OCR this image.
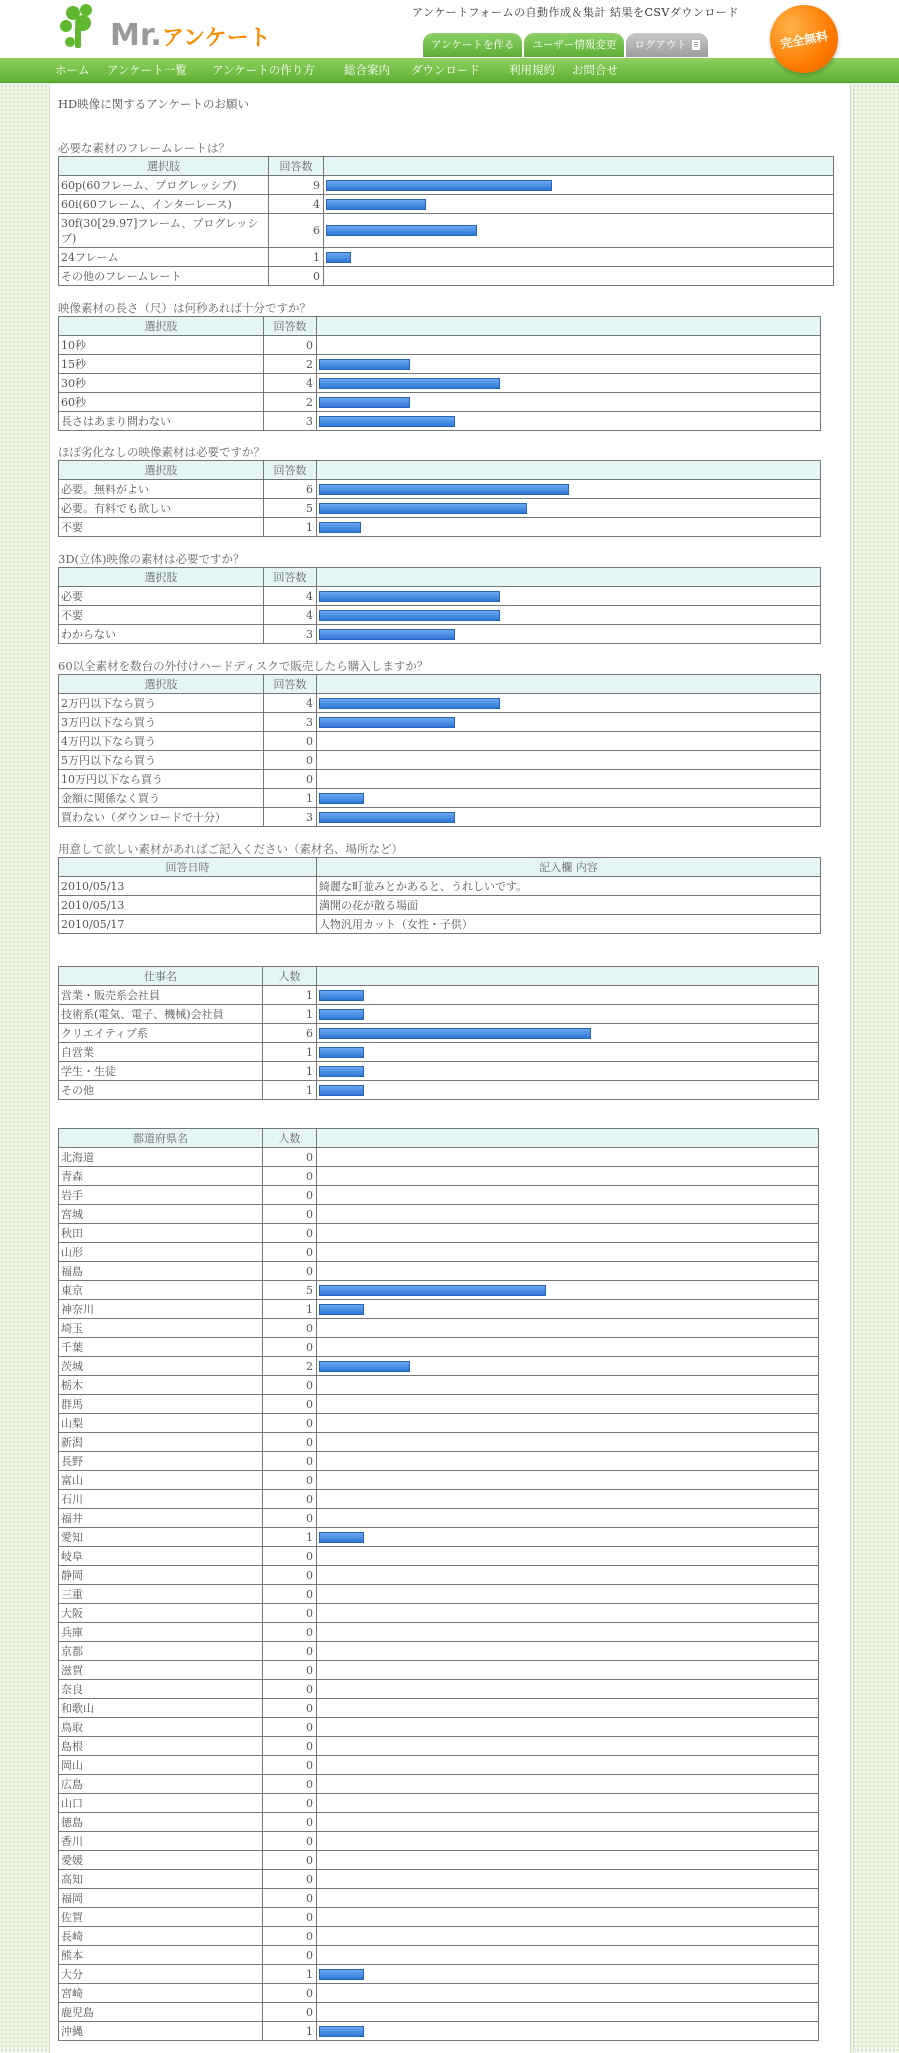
Mr. アンケート
アンケートフォームの自動作成＆集計 結果をCSVダウンロード
アンケートを作る	ユーザー情報変更	ログアウト	完全無料
ホーム アンケート一覧 アンケートの作り方	総合案内 ダウンロード	利用規約 お問合せ
HD映像に関するアンケートのお願い
必要な素材のフレームレートは？
選択肢	回答数	
60p(60フレーム、プログレッシブ)	9	

60i(60フレーム、インターレース)	4	

30f(30[29.97]フレーム、プログレッシブ)	6	

24フレーム	1	

その他のフレームレート	0	
映像素材の長さ（尺）は何秒あれば十分ですか？
選択肢	回答数	
10秒	0	
15秒	2	

30秒	4	

60秒	2	

長さはあまり問わない	3	
ほぼ劣化なしの映像素材は必要ですか？
選択肢	回答数	
必要。無料がよい	6	

必要。有料でも欲しい	5	

不要	1	
3D(立体)映像の素材は必要ですか？
選択肢	回答数	
必要	4	

不要	4	

わからない	3	
60以全素材を数台の外付けハードディスクで販売したら購入しますか？
選択肢	回答数	
2万円以下なら買う	4	

3万円以下なら買う	3	

4万円以下なら買う	0	
5万円以下なら買う	0	
10万円以下なら買う	0	
金額に関係なく買う	1	

買わない（ダウンロードで十分）	3	
用意して欲しい素材があればご記入ください（素材名、場所など）
回答日時	記入欄 内容
2010/05/13	綺麗な町並みとかあると、うれしいです。
2010/05/13	満開の花が散る場面
2010/05/17	人物汎用カット（女性・子供）
仕事名	人数	
営業・販売系会社員	1	

技術系(電気、電子、機械)会社員	1	

クリエイティブ系	6	

自営業	1	

学生・生徒	1	

その他	1	
都道府県名	人数	
北海道	0	
青森	0	
岩手	0	
宮城	0	
秋田	0	
山形	0	
福島	0	
東京	5	

神奈川	1	

埼玉	0	
千葉	0	
茨城	2	

栃木	0	
群馬	0	
山梨	0	
新潟	0	
長野	0	
富山	0	
石川	0	
福井	0	
愛知	1	

岐阜	0	
静岡	0	
三重	0	
大阪	0	
兵庫	0	
京都	0	
滋賀	0	
奈良	0	
和歌山	0	
鳥取	0	
島根	0	
岡山	0	
広島	0	
山口	0	
徳島	0	
香川	0	
愛媛	0	
高知	0	
福岡	0	
佐賀	0	
長崎	0	
熊本	0	
大分	1	

宮崎	0	
鹿児島	0	
沖縄	1	
